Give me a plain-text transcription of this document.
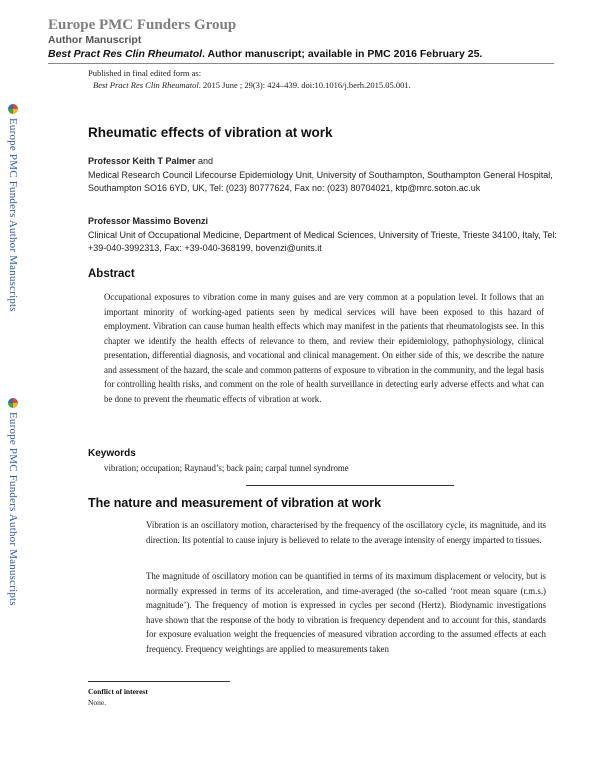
Europe PMC Funders Group
Author Manuscript
Best Pract Res Clin Rheumatol. Author manuscript; available in PMC 2016 February 25.
Europe PMC Funders Author Manuscripts
Europe PMC Funders Author Manuscripts
Published in final edited form as:
Best Pract Res Clin Rheumatol. 2015 June ; 29(3): 424–439. doi:10.1016/j.berh.2015.05.001.
Rheumatic effects of vibration at work
Professor Keith T Palmer and
Medical Research Council Lifecourse Epidemiology Unit, University of Southampton, Southampton General Hospital, Southampton SO16 6YD, UK, Tel: (023) 80777624, Fax no: (023) 80704021, ktp@mrc.soton.ac.uk
Professor Massimo Bovenzi
Clinical Unit of Occupational Medicine, Department of Medical Sciences, University of Trieste, Trieste 34100, Italy, Tel: +39-040-3992313, Fax: +39-040-368199, bovenzi@units.it
Abstract
Occupational exposures to vibration come in many guises and are very common at a population level. It follows that an important minority of working-aged patients seen by medical services will have been exposed to this hazard of employment. Vibration can cause human health effects which may manifest in the patients that rheumatologists see. In this chapter we identify the health effects of relevance to them, and review their epidemiology, pathophysiology, clinical presentation, differential diagnosis, and vocational and clinical management. On either side of this, we describe the nature and assessment of the hazard, the scale and common patterns of exposure to vibration in the community, and the legal basis for controlling health risks, and comment on the role of health surveillance in detecting early adverse effects and what can be done to prevent the rheumatic effects of vibration at work.
Keywords
vibration; occupation; Raynaud’s; back pain; carpal tunnel syndrome
The nature and measurement of vibration at work
Vibration is an oscillatory motion, characterised by the frequency of the oscillatory cycle, its magnitude, and its direction. Its potential to cause injury is believed to relate to the average intensity of energy imparted to tissues.
The magnitude of oscillatory motion can be quantified in terms of its maximum displacement or velocity, but is normally expressed in terms of its acceleration, and time-averaged (the so-called ‘root mean square (r.m.s.) magnitude’). The frequency of motion is expressed in cycles per second (Hertz). Biodynamic investigations have shown that the response of the body to vibration is frequency dependent and to account for this, standards for exposure evaluation weight the frequencies of measured vibration according to the assumed effects at each frequency. Frequency weightings are applied to measurements taken
Conflict of interest
None.
